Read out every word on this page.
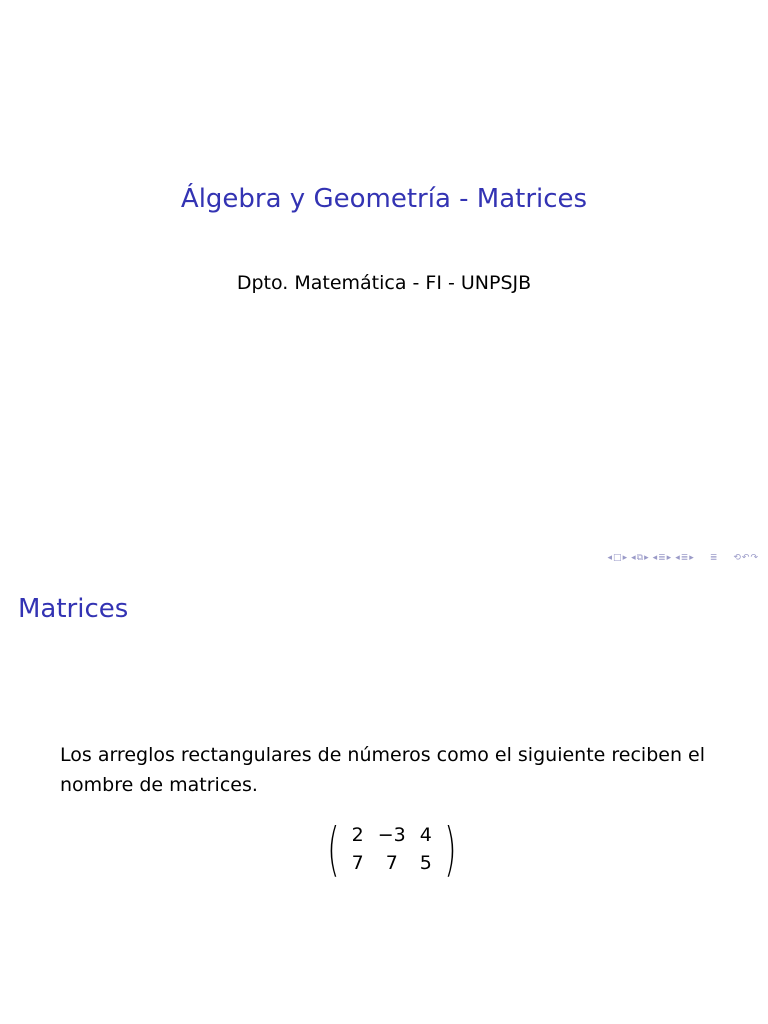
Álgebra y Geometría - Matrices
Dpto. Matemática - FI - UNPSJB
◂ □ ▸ ◂ ⧉ ▸ ◂ ≣ ▸ ◂ ≣ ▸ ≣ ⟲ ↶ ↷
Matrices
Los arreglos rectangulares de números como el siguiente reciben el nombre de matrices.
( 2	−3	4
7	7	5 )
